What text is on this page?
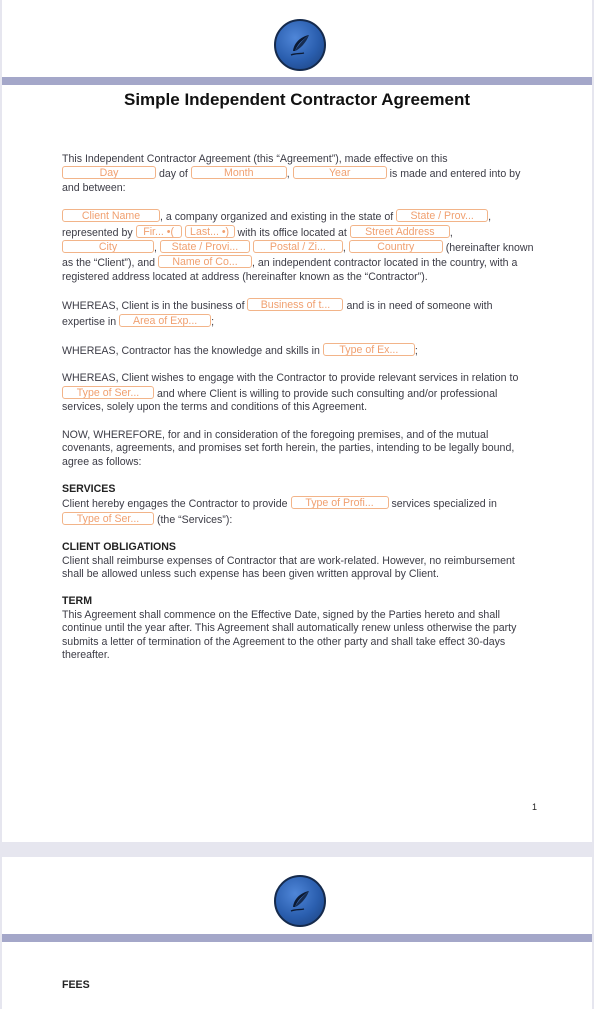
Simple Independent Contractor Agreement

This Independent Contractor Agreement (this “Agreement”), made effective on this Day	day of	Month	,	Year	is made and entered into by and between:

Client Name , a company organized and existing in the state of State / Prov... , represented by Fir... •( Last... •) with its office located at Street Address , City	, State / Provi...	Postal / Zi... ,	Country	(hereinafter known as the “Client”), and Name of Co... , an independent contractor located in the country, with a registered address located at address (hereinafter known as the “Contractor”).

WHEREAS, Client is in the business of Business of t... and is in need of someone with expertise in Area of Exp... ;

WHEREAS, Contractor has the knowledge and skills in Type of Ex... ;

WHEREAS, Client wishes to engage with the Contractor to provide relevant services in relation to Type of Ser... and where Client is willing to provide such consulting and/or professional services, solely upon the terms and conditions of this Agreement.

NOW, WHEREFORE, for and in consideration of the foregoing premises, and of the mutual covenants, agreements, and promises set forth herein, the parties, intending to be legally bound, agree as follows:

SERVICES
Client hereby engages the Contractor to provide Type of Profi... services specialized in Type of Ser... (the “Services”):

CLIENT OBLIGATIONS
Client shall reimburse expenses of Contractor that are work-related. However, no reimbursement shall be allowed unless such expense has been given written approval by Client.

TERM
This Agreement shall commence on the Effective Date, signed by the Parties hereto and shall continue until the year after. This Agreement shall automatically renew unless otherwise the party submits a letter of termination of the Agreement to the other party and shall take effect 30-days thereafter.

1
FEES
